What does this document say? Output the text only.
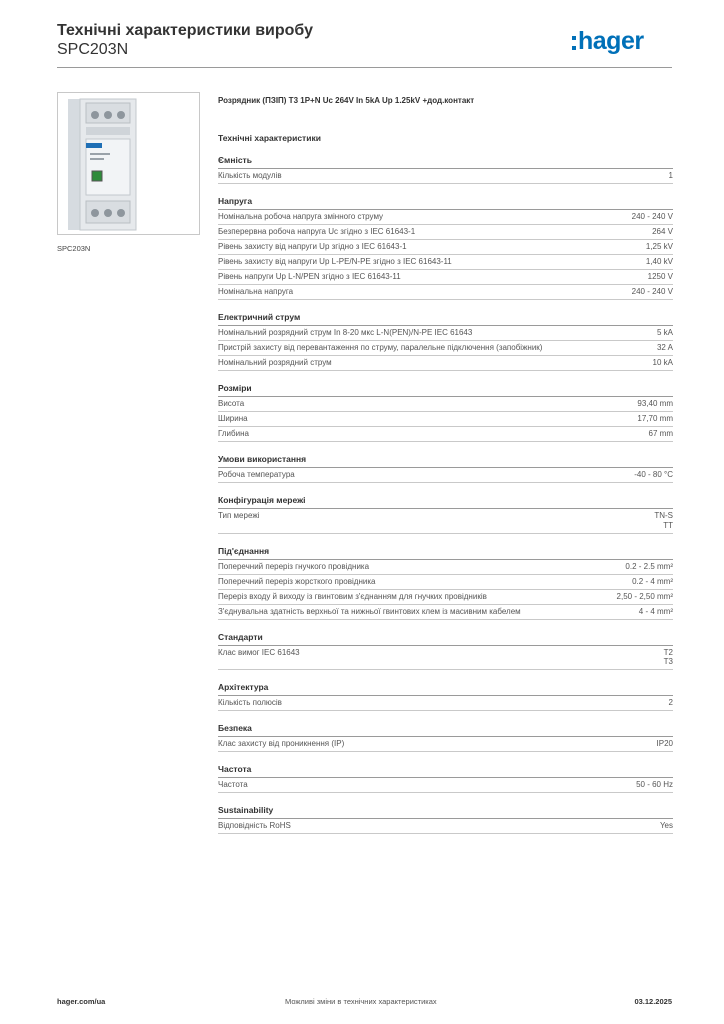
Технічні характеристики виробу
SPC203N	hager
SPC203N
Розрядник (ПЗІП) Т3 1P+N Uc 264V In 5kA Up 1.25kV +дод.контакт
Технічні характеристики
Ємність
Кількість модулів	1
Напруга
Номінальна робоча напруга змінного струму	240 - 240 V
Безперервна робоча напруга Uc згідно з IEC 61643-1	264 V
Рівень захисту від напруги Up згідно з IEC 61643-1	1,25 kV
Рівень захисту від напруги Up L-PE/N-PE згідно з IEC 61643-11	1,40 kV
Рівень напруги Up L-N/PEN згідно з IEC 61643-11	1250 V
Номінальна напруга	240 - 240 V
Електричний струм
Номінальний розрядний струм In 8-20 мкс L-N(PEN)/N-PE IEC 61643	5 kA
Пристрій захисту від перевантаження по струму, паралельне підключення (запобіжник)	32 A
Номінальний розрядний струм	10 kA
Розміри
Висота	93,40 mm
Ширина	17,70 mm
Глибина	67 mm
Умови використання
Робоча температура	-40 - 80 °C
Конфігурація мережі
Тип мережі	TN-S
TT
Під'єднання
Поперечний переріз гнучкого провідника	0.2 - 2.5 mm²
Поперечний переріз жорсткого провідника	0.2 - 4 mm²
Переріз входу й виходу із гвинтовим з'єднанням для гнучких провідників	2,50 - 2,50 mm²
З'єднувальна здатність верхньої та нижньої гвинтових клем із масивним кабелем	4 - 4 mm²
Стандарти
Клас вимог IEC 61643	T2
T3
Архітектура
Кількість полюсів	2
Безпека
Клас захисту від проникнення (IP)	IP20
Частота
Частота	50 - 60 Hz
Sustainability
Відповідність RoHS	Yes
hager.com/ua	Можливі зміни в технічних характеристиках	03.12.2025
